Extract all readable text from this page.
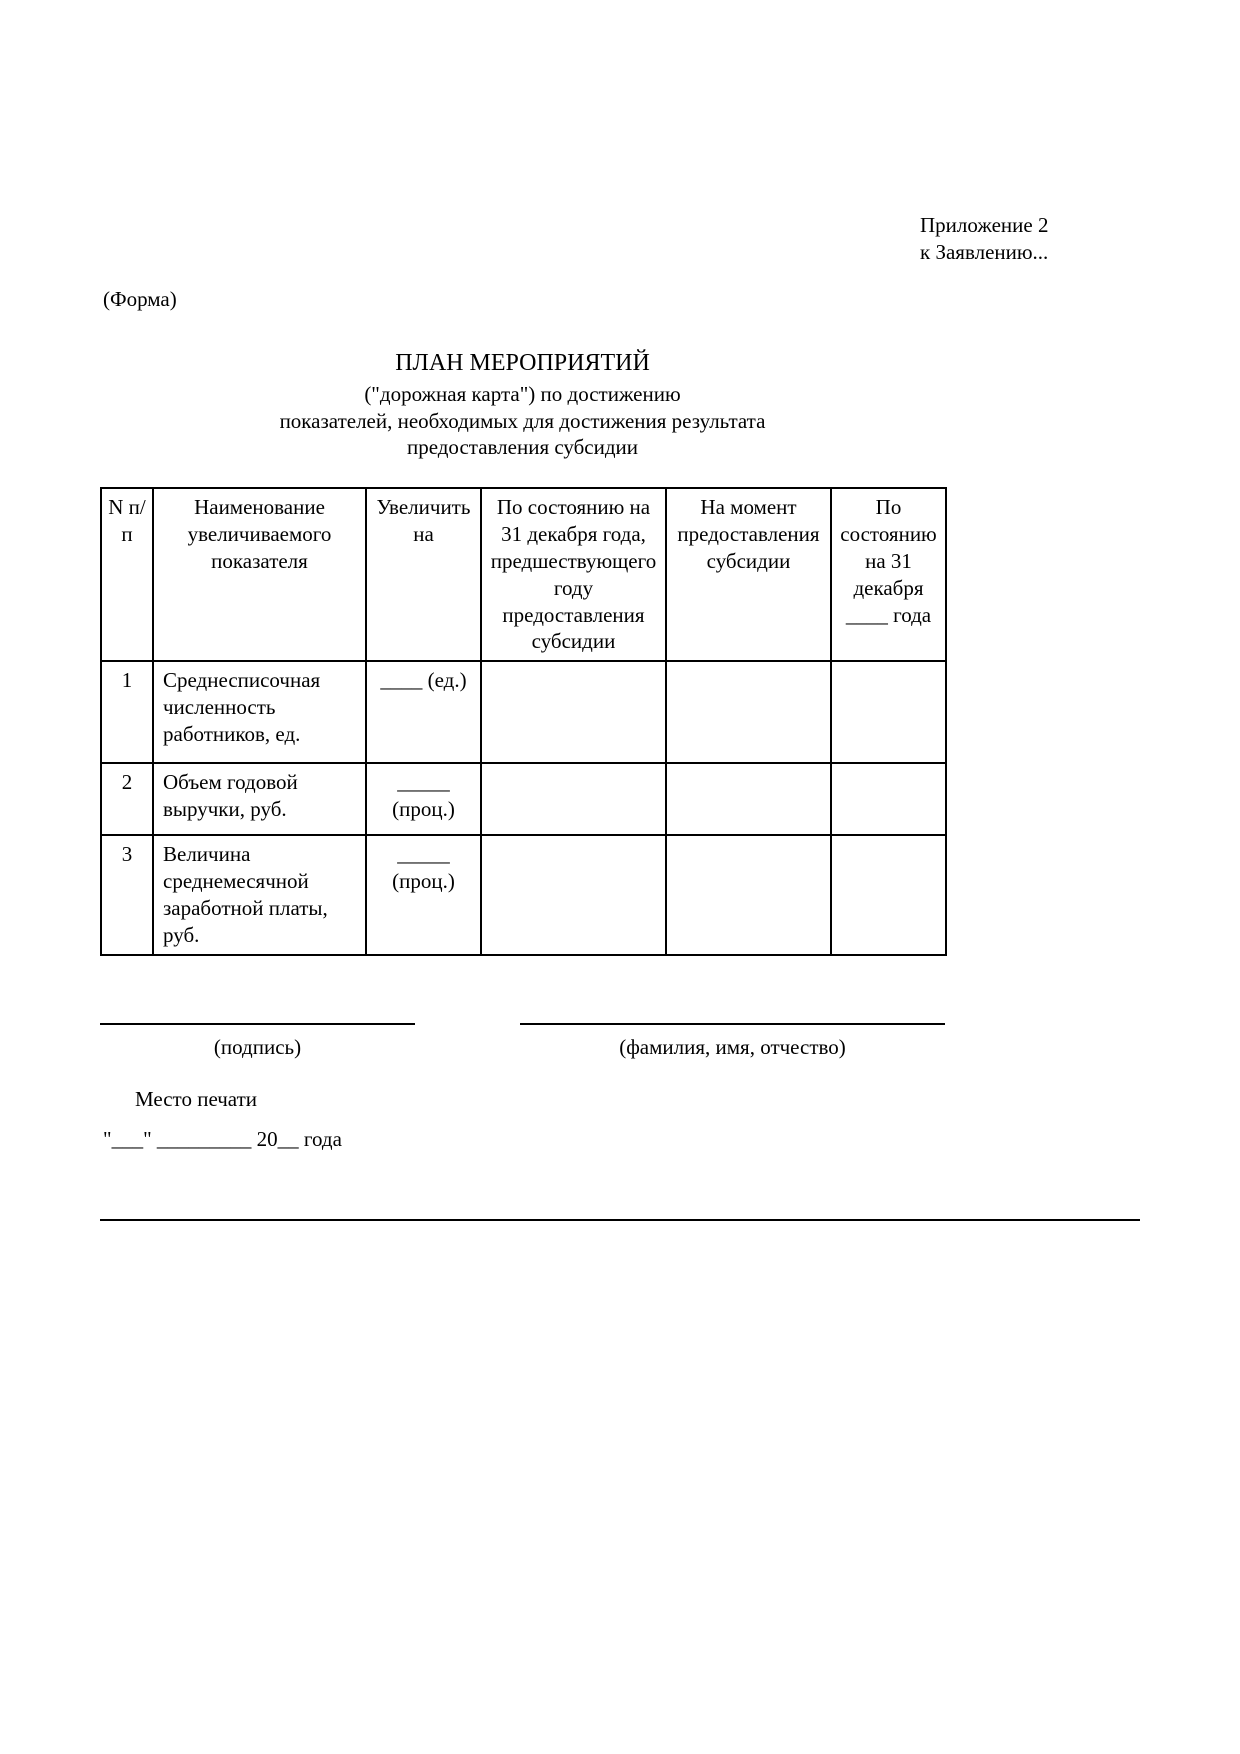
Приложение 2
к Заявлению...
(Форма)
ПЛАН МЕРОПРИЯТИЙ
("дорожная карта") по достижению
показателей, необходимых для достижения результата
предоставления субсидии
N п/п	Наименование увеличиваемого показателя	Увеличить на	По состоянию на 31 декабря года, предшествующего году предоставления субсидии	На момент предоставления субсидии	По состоянию на 31 декабря ____ года
1	Среднесписочная численность работников, ед.	____ (ед.)			
2	Объем годовой выручки, руб.	_____ (проц.)			
3	Величина среднемесячной заработной платы, руб.	_____ (проц.)			
(подпись)	(фамилия, имя, отчество)
Место печати
"___" _________ 20__ года
